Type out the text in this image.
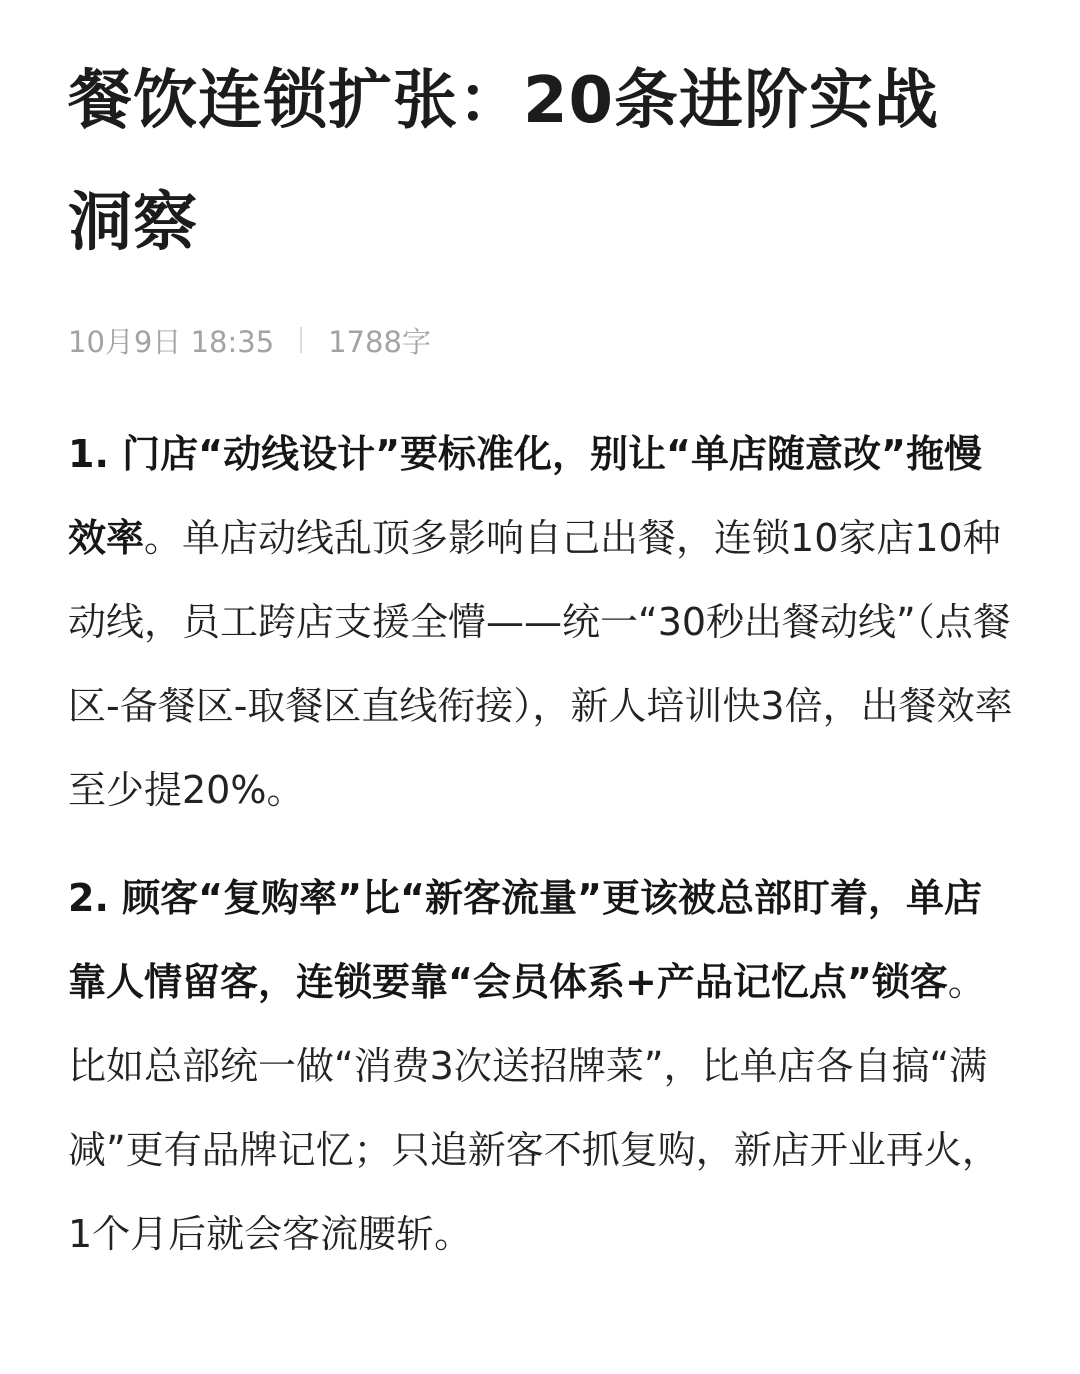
餐饮连锁扩张：20条进阶实战洞察
10月9日 18:35 1788字

1. 门店“动线设计”要标准化，别让“单店随意改”拖慢效率。单店动线乱顶多影响自己出餐，连锁10家店10种动线，员工跨店支援全懵——统一“30秒出餐动线”（点餐区-备餐区-取餐区直线衔接），新人培训快3倍，出餐效率至少提20%。

2. 顾客“复购率”比“新客流量”更该被总部盯着，单店靠人情留客，连锁要靠“会员体系+产品记忆点”锁客。比如总部统一做“消费3次送招牌菜”，比单店各自搞“满减”更有品牌记忆；只追新客不抓复购，新店开业再火，1个月后就会客流腰斩。
